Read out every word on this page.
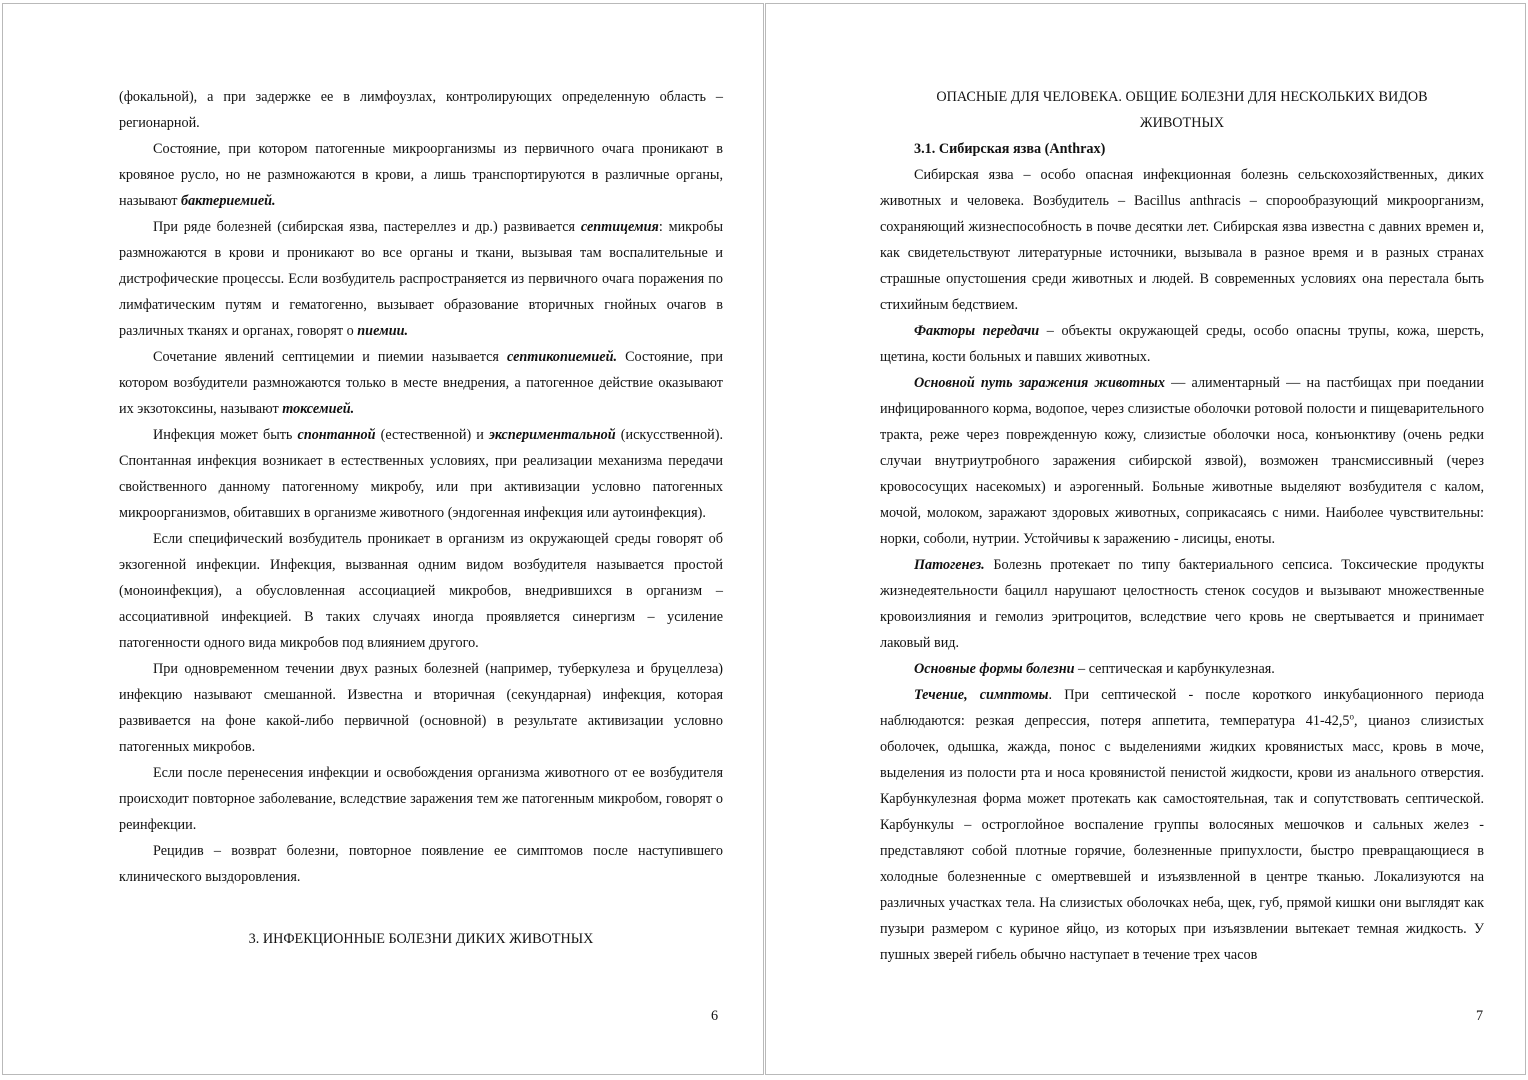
(фокальной), а при задержке ее в лимфоузлах, контролирующих определенную область – регионарной.

Состояние, при котором патогенные микроорганизмы из первичного очага проникают в кровяное русло, но не размножаются в крови, а лишь транспортируются в различные органы, называют бактериемией.

При ряде болезней (сибирская язва, пастереллез и др.) развивается септицемия: микробы размножаются в крови и проникают во все органы и ткани, вызывая там воспалительные и дистрофические процессы. Если возбудитель распространяется из первичного очага поражения по лимфатическим путям и гематогенно, вызывает образование вторичных гнойных очагов в различных тканях и органах, говорят о пиемии.

Сочетание явлений септицемии и пиемии называется септикопиемией. Состояние, при котором возбудители размножаются только в месте внедрения, а патогенное действие оказывают их экзотоксины, называют токсемией.

Инфекция может быть спонтанной (естественной) и экспериментальной (искусственной). Спонтанная инфекция возникает в естественных условиях, при реализации механизма передачи свойственного данному патогенному микробу, или при активизации условно патогенных микроорганизмов, обитавших в организме животного (эндогенная инфекция или аутоинфекция).

Если специфический возбудитель проникает в организм из окружающей среды говорят об экзогенной инфекции. Инфекция, вызванная одним видом возбудителя называется простой (моноинфекция), а обусловленная ассоциацией микробов, внедрившихся в организм – ассоциативной инфекцией. В таких случаях иногда проявляется синергизм – усиление патогенности одного вида микробов под влиянием другого.

При одновременном течении двух разных болезней (например, туберкулеза и бруцеллеза) инфекцию называют смешанной. Известна и вторичная (секундарная) инфекция, которая развивается на фоне какой-либо первичной (основной) в результате активизации условно патогенных микробов.

Если после перенесения инфекции и освобождения организма животного от ее возбудителя происходит повторное заболевание, вследствие заражения тем же патогенным микробом, говорят о реинфекции.

Рецидив – возврат болезни, повторное появление ее симптомов после наступившего клинического выздоровления.

3. ИНФЕКЦИОННЫЕ БОЛЕЗНИ ДИКИХ ЖИВОТНЫХ

6

ОПАСНЫЕ ДЛЯ ЧЕЛОВЕКА. ОБЩИЕ БОЛЕЗНИ ДЛЯ НЕСКОЛЬКИХ ВИДОВ

ЖИВОТНЫХ

3.1. Сибирская язва (Anthrax)

Сибирская язва – особо опасная инфекционная болезнь сельскохозяйственных, диких животных и человека. Возбудитель – Bacillus anthracis – спорообразующий микроорганизм, сохраняющий жизнеспособность в почве десятки лет. Сибирская язва известна с давних времен и, как свидетельствуют литературные источники, вызывала в разное время и в разных странах страшные опустошения среди животных и людей. В современных условиях она перестала быть стихийным бедствием.

Факторы передачи – объекты окружающей среды, особо опасны трупы, кожа, шерсть, щетина, кости больных и павших животных.

Основной путь заражения животных –– алиментарный — на пастбищах при поедании инфицированного корма, водопое, через слизистые оболочки ротовой полости и пищеварительного тракта, реже через поврежденную кожу, слизистые оболочки носа, конъюнктиву (очень редки случаи внутриутробного заражения сибирской язвой), возможен трансмиссивный (через кровососущих насекомых) и аэрогенный. Больные животные выделяют возбудителя с калом, мочой, молоком, заражают здоровых животных, соприкасаясь с ними. Наиболее чувствительны: норки, соболи, нутрии. Устойчивы к заражению - лисицы, еноты.

Патогенез. Болезнь протекает по типу бактериального сепсиса. Токсические продукты жизнедеятельности бацилл нарушают целостность стенок сосудов и вызывают множественные кровоизлияния и гемолиз эритроцитов, вследствие чего кровь не свертывается и принимает лаковый вид.

Основные формы болезни – септическая и карбункулезная.

Течение, симптомы. При септической - после короткого инкубационного периода наблюдаются: резкая депрессия, потеря аппетита, температура $41-42,5^о$, цианоз слизистых оболочек, одышка, жажда, понос с выделениями жидких кровянистых масс, кровь в моче, выделения из полости рта и носа кровянистой пенистой жидкости, крови из анального отверстия. Карбункулезная форма может протекать как самостоятельная, так и сопутствовать септической. Карбункулы – остроглойное воспаление группы волосяных мешочков и сальных желез - представляют собой плотные горячие, болезненные припухлости, быстро превращающиеся в холодные болезненные с омертвевшей и изъязвленной в центре тканью. Локализуются на различных участках тела. На слизистых оболочках неба, щек, губ, прямой кишки они выглядят как пузыри размером с куриное яйцо, из которых при изъязвлении вытекает темная жидкость. У пушных зверей гибель обычно наступает в течение трех часов

7
